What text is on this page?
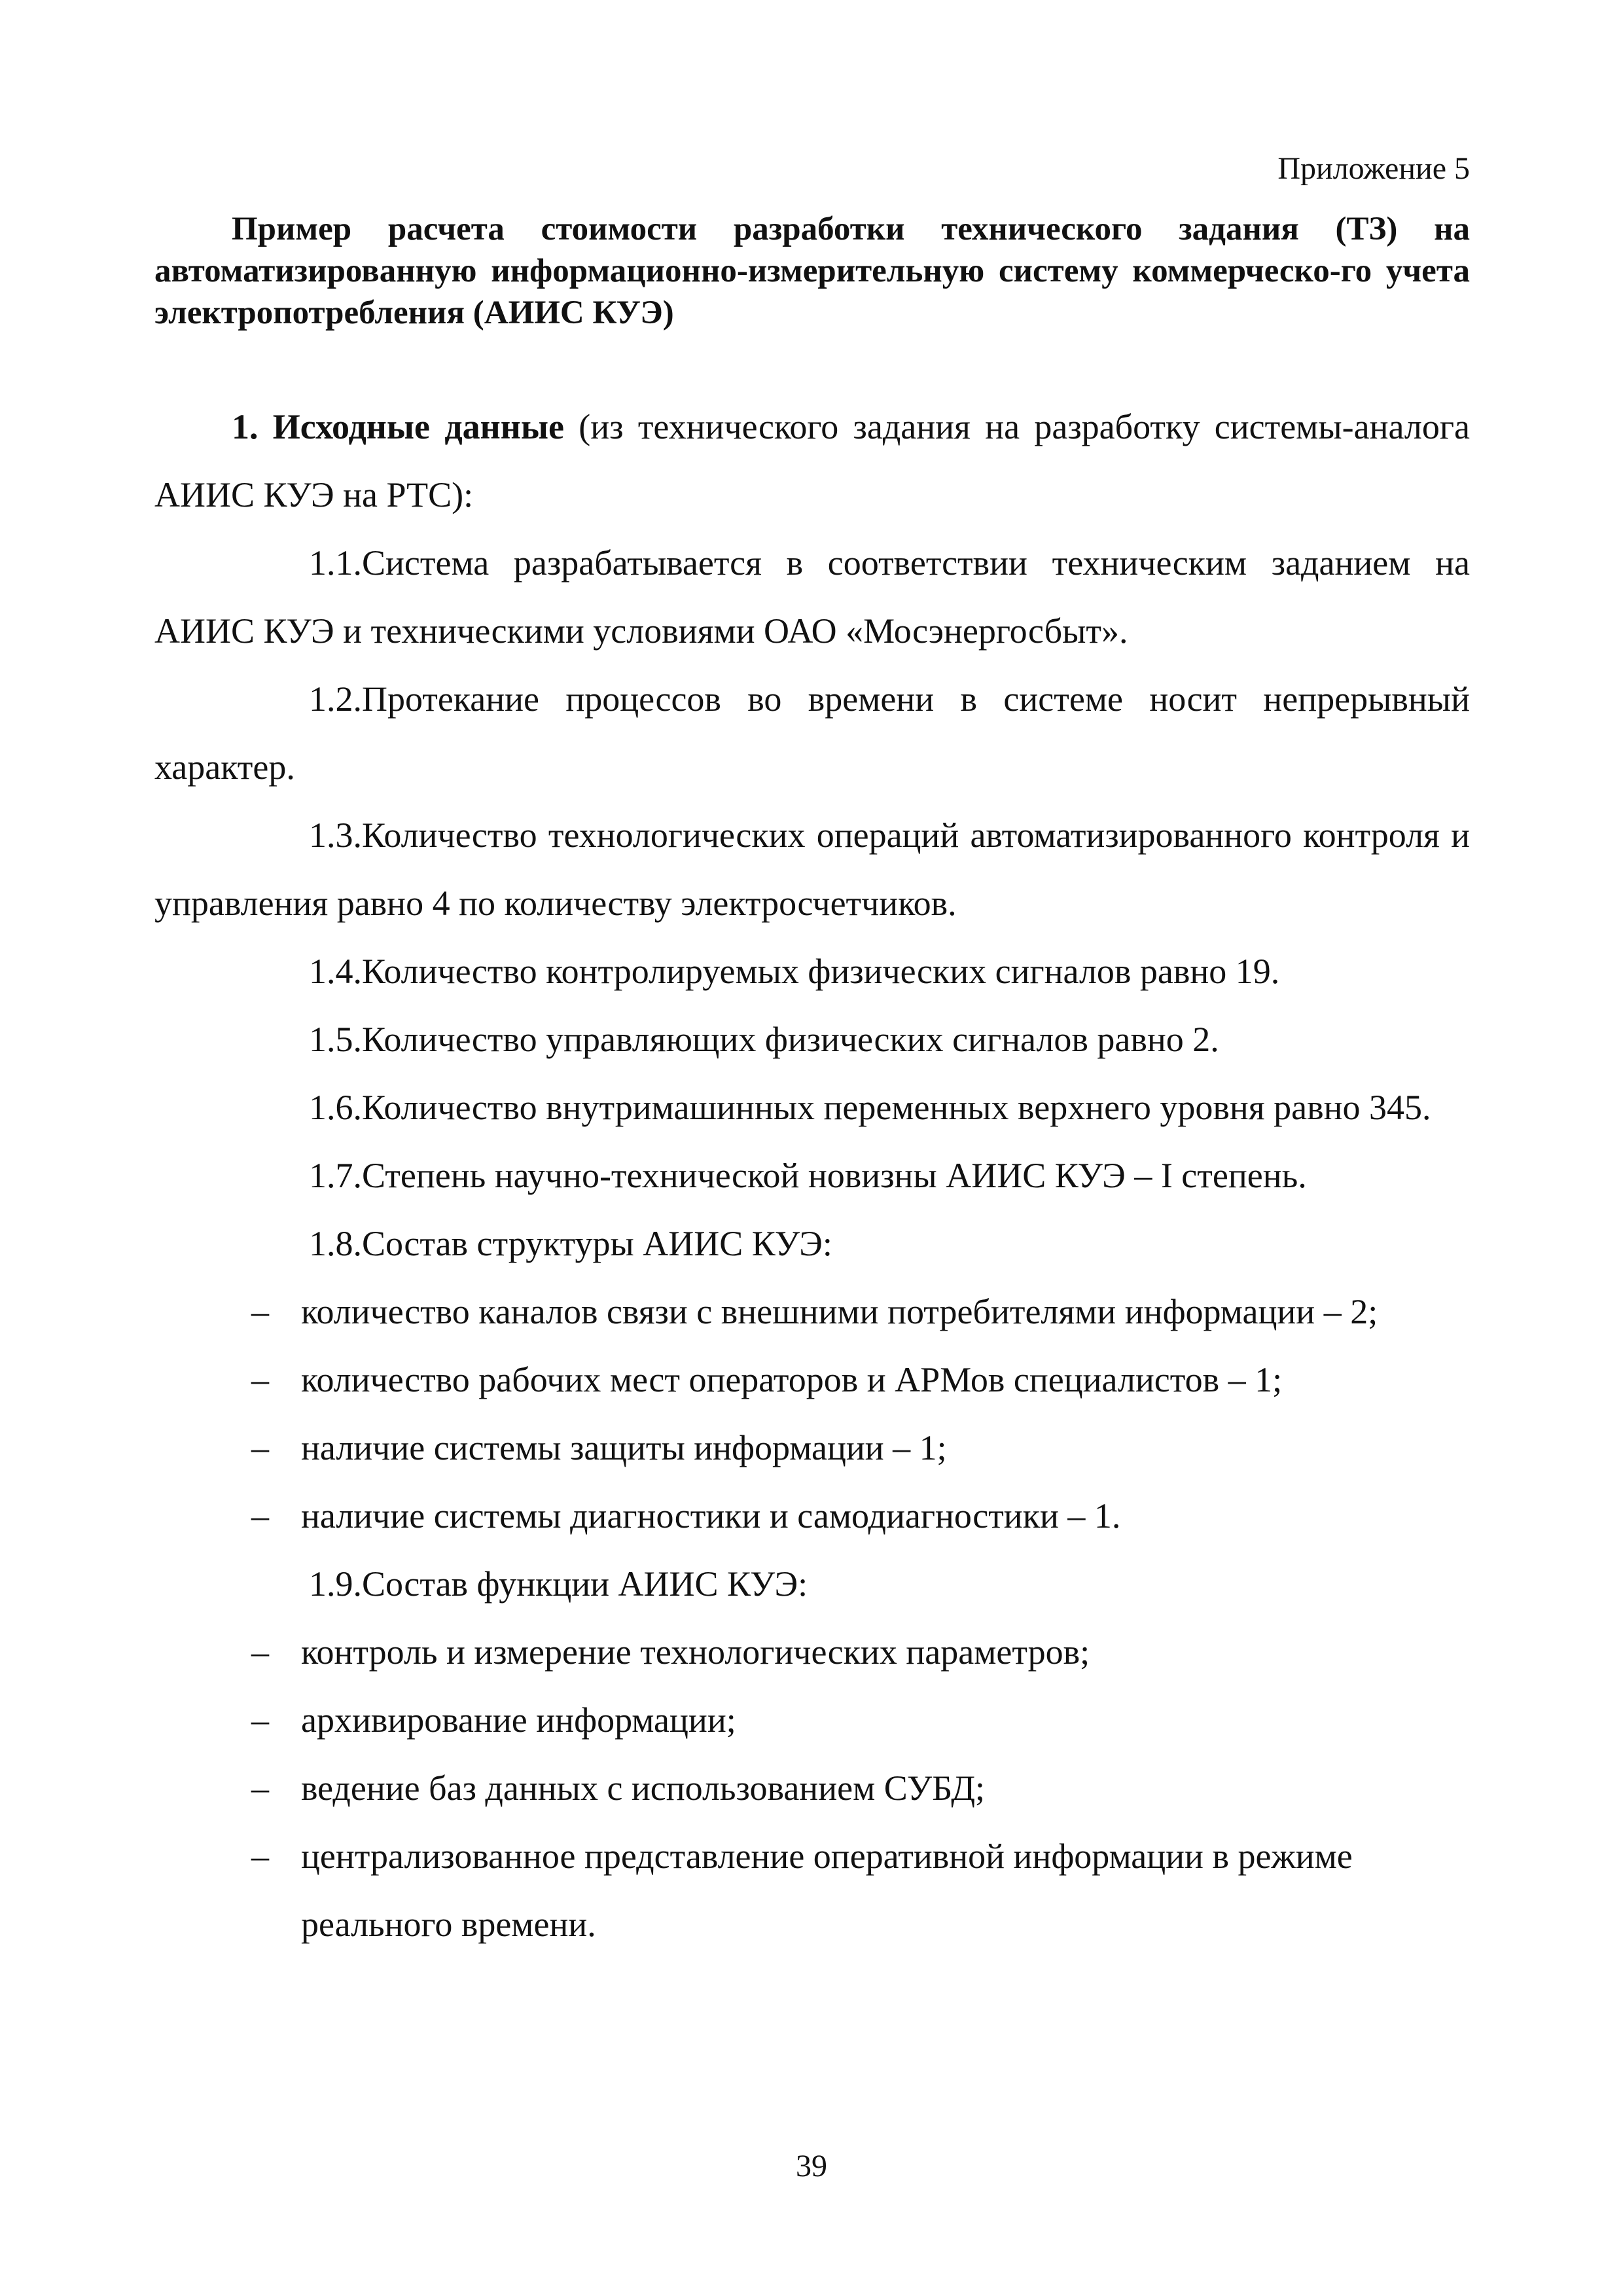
Приложение 5
Пример расчета стоимости разработки технического задания (ТЗ) на автоматизированную информационно-измерительную систему коммерческо-го учета электропотребления (АИИС КУЭ)

1. Исходные данные (из технического задания на разработку системы-аналога АИИС КУЭ на РТС):

1.1.Система разрабатывается в соответствии техническим заданием на АИИС КУЭ и техническими условиями ОАО «Мосэнергосбыт».

1.2.Протекание процессов во времени в системе носит непрерывный характер.

1.3.Количество технологических операций автоматизированного контроля и управления равно 4 по количеству электросчетчиков.

1.4.Количество контролируемых физических сигналов равно 19.

1.5.Количество управляющих физических сигналов равно 2.

1.6.Количество внутримашинных переменных верхнего уровня равно 345.

1.7.Степень научно-технической новизны АИИС КУЭ – I степень.

1.8.Состав структуры АИИС КУЭ:

– количество каналов связи с внешними потребителями информации – 2;

– количество рабочих мест операторов и АРМов специалистов – 1;

– наличие системы защиты информации – 1;

– наличие системы диагностики и самодиагностики – 1.

1.9.Состав функции АИИС КУЭ:

– контроль и измерение технологических параметров;

– архивирование информации;

– ведение баз данных с использованием СУБД;

– централизованное представление оперативной информации в режиме реального времени.

39
